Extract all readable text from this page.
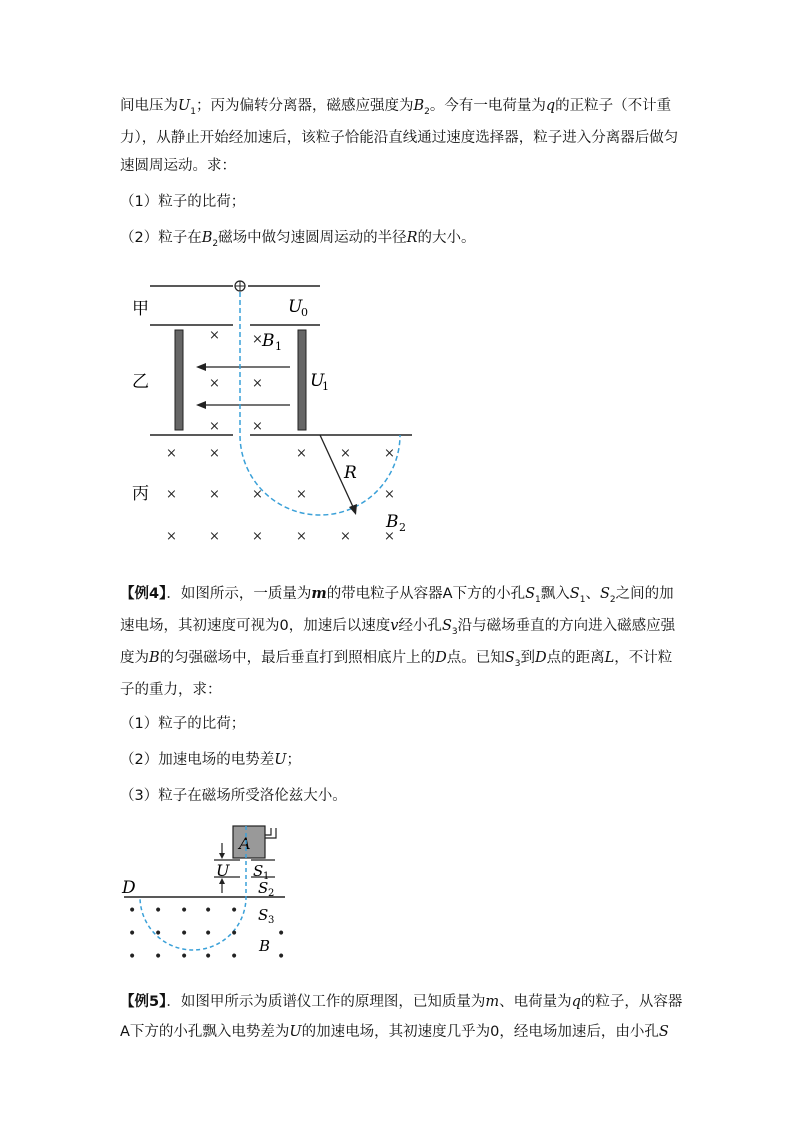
间电压为$U_1$；丙为偏转分离器，磁感应强度为$B_2$。今有一电荷量为q的正粒子（不计重
力），从静止开始经加速后，该粒子恰能沿直线通过速度选择器，粒子进入分离器后做匀
速圆周运动。求：
（1）粒子的比荷；
（2）粒子在$B_2$磁场中做匀速圆周运动的半径R的大小。
× ×
× ×
× ×
× ×	×	×	×
× × ×	×	×
× × ×	×	×	×
甲
乙
丙
U
0
B 1
U
1
R
B 2
【例4】．如图所示，一质量为m的带电粒子从容器A下方的小孔$S_1$飘入$S_1$、$S_2$之间的加
速电场，其初速度可视为0，加速后以速度v经小孔$S_3$沿与磁场垂直的方向进入磁感应强
度为B的匀强磁场中，最后垂直打到照相底片上的D点。已知$S_3$到D点的距离L，不计粒
子的重力，求：
（1）粒子的比荷；
（2）加速电场的电势差U；
（3）粒子在磁场所受洛伦兹大小。
A
U S 1
S 2
S 3
D
• • • • •
• • • • •	•
• • • • •	•
B
【例5】．如图甲所示为质谱仪工作的原理图，已知质量为m、电荷量为q的粒子，从容器
A下方的小孔飘入电势差为U的加速电场，其初速度几乎为0，经电场加速后，由小孔S
